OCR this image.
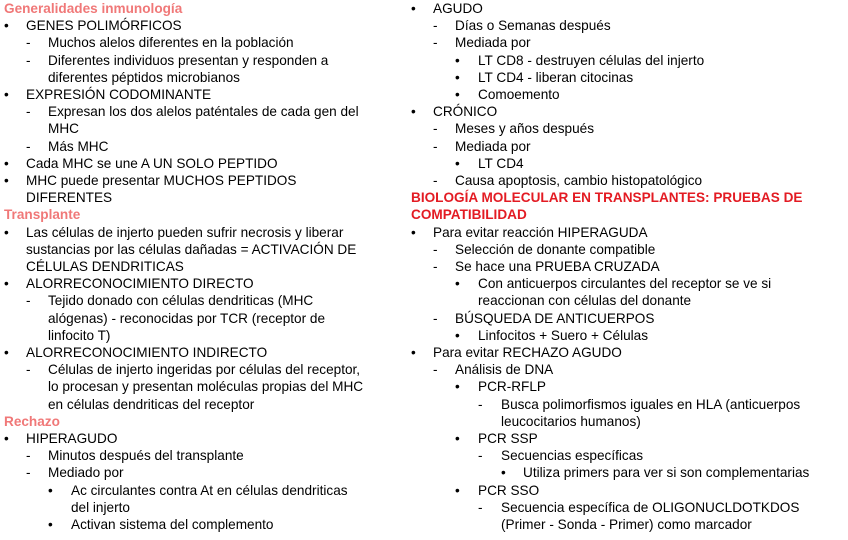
Generalidades inmunología
• GENES POLIMÓRFICOS
- Muchos alelos diferentes en la población
- Diferentes individuos presentan y responden a
diferentes péptidos microbianos
• EXPRESIÓN CODOMINANTE
- Expresan los dos alelos paténtales de cada gen del
MHC
- Más MHC
• Cada MHC se une A UN SOLO PEPTIDO
• MHC puede presentar MUCHOS PEPTIDOS
DIFERENTES
Transplante
• Las células de injerto pueden sufrir necrosis y liberar
sustancias por las células dañadas = ACTIVACIÓN DE
CÉLULAS DENDRITICAS
• ALORRECONOCIMIENTO DIRECTO
- Tejido donado con células dendriticas (MHC
alógenas) - reconocidas por TCR (receptor de
linfocito T)
• ALORRECONOCIMIENTO INDIRECTO
- Células de injerto ingeridas por células del receptor,
lo procesan y presentan moléculas propias del MHC
en células dendriticas del receptor
Rechazo
• HIPERAGUDO
- Minutos después del transplante
- Mediado por
• Ac circulantes contra At en células dendriticas
del injerto
• Activan sistema del complemento
• AGUDO
- Días o Semanas después
- Mediada por
• LT CD8 - destruyen células del injerto
• LT CD4 - liberan citocinas
• Comoemento
• CRÓNICO
- Meses y años después
- Mediada por
• LT CD4
- Causa apoptosis, cambio histopatológico
BIOLOGÍA MOLECULAR EN TRANSPLANTES: PRUEBAS DE
COMPATIBILIDAD
• Para evitar reacción HIPERAGUDA
- Selección de donante compatible
- Se hace una PRUEBA CRUZADA
• Con anticuerpos circulantes del receptor se ve si
reaccionan con células del donante
- BÚSQUEDA DE ANTICUERPOS
• Linfocitos + Suero + Células
• Para evitar RECHAZO AGUDO
- Análisis de DNA
• PCR-RFLP
- Busca polimorfismos iguales en HLA (anticuerpos
leucocitarios humanos)
• PCR SSP
- Secuencias específicas
• Utiliza primers para ver si son complementarias
• PCR SSO
- Secuencia específica de OLIGONUCLDOTKDOS
(Primer - Sonda - Primer) como marcador
